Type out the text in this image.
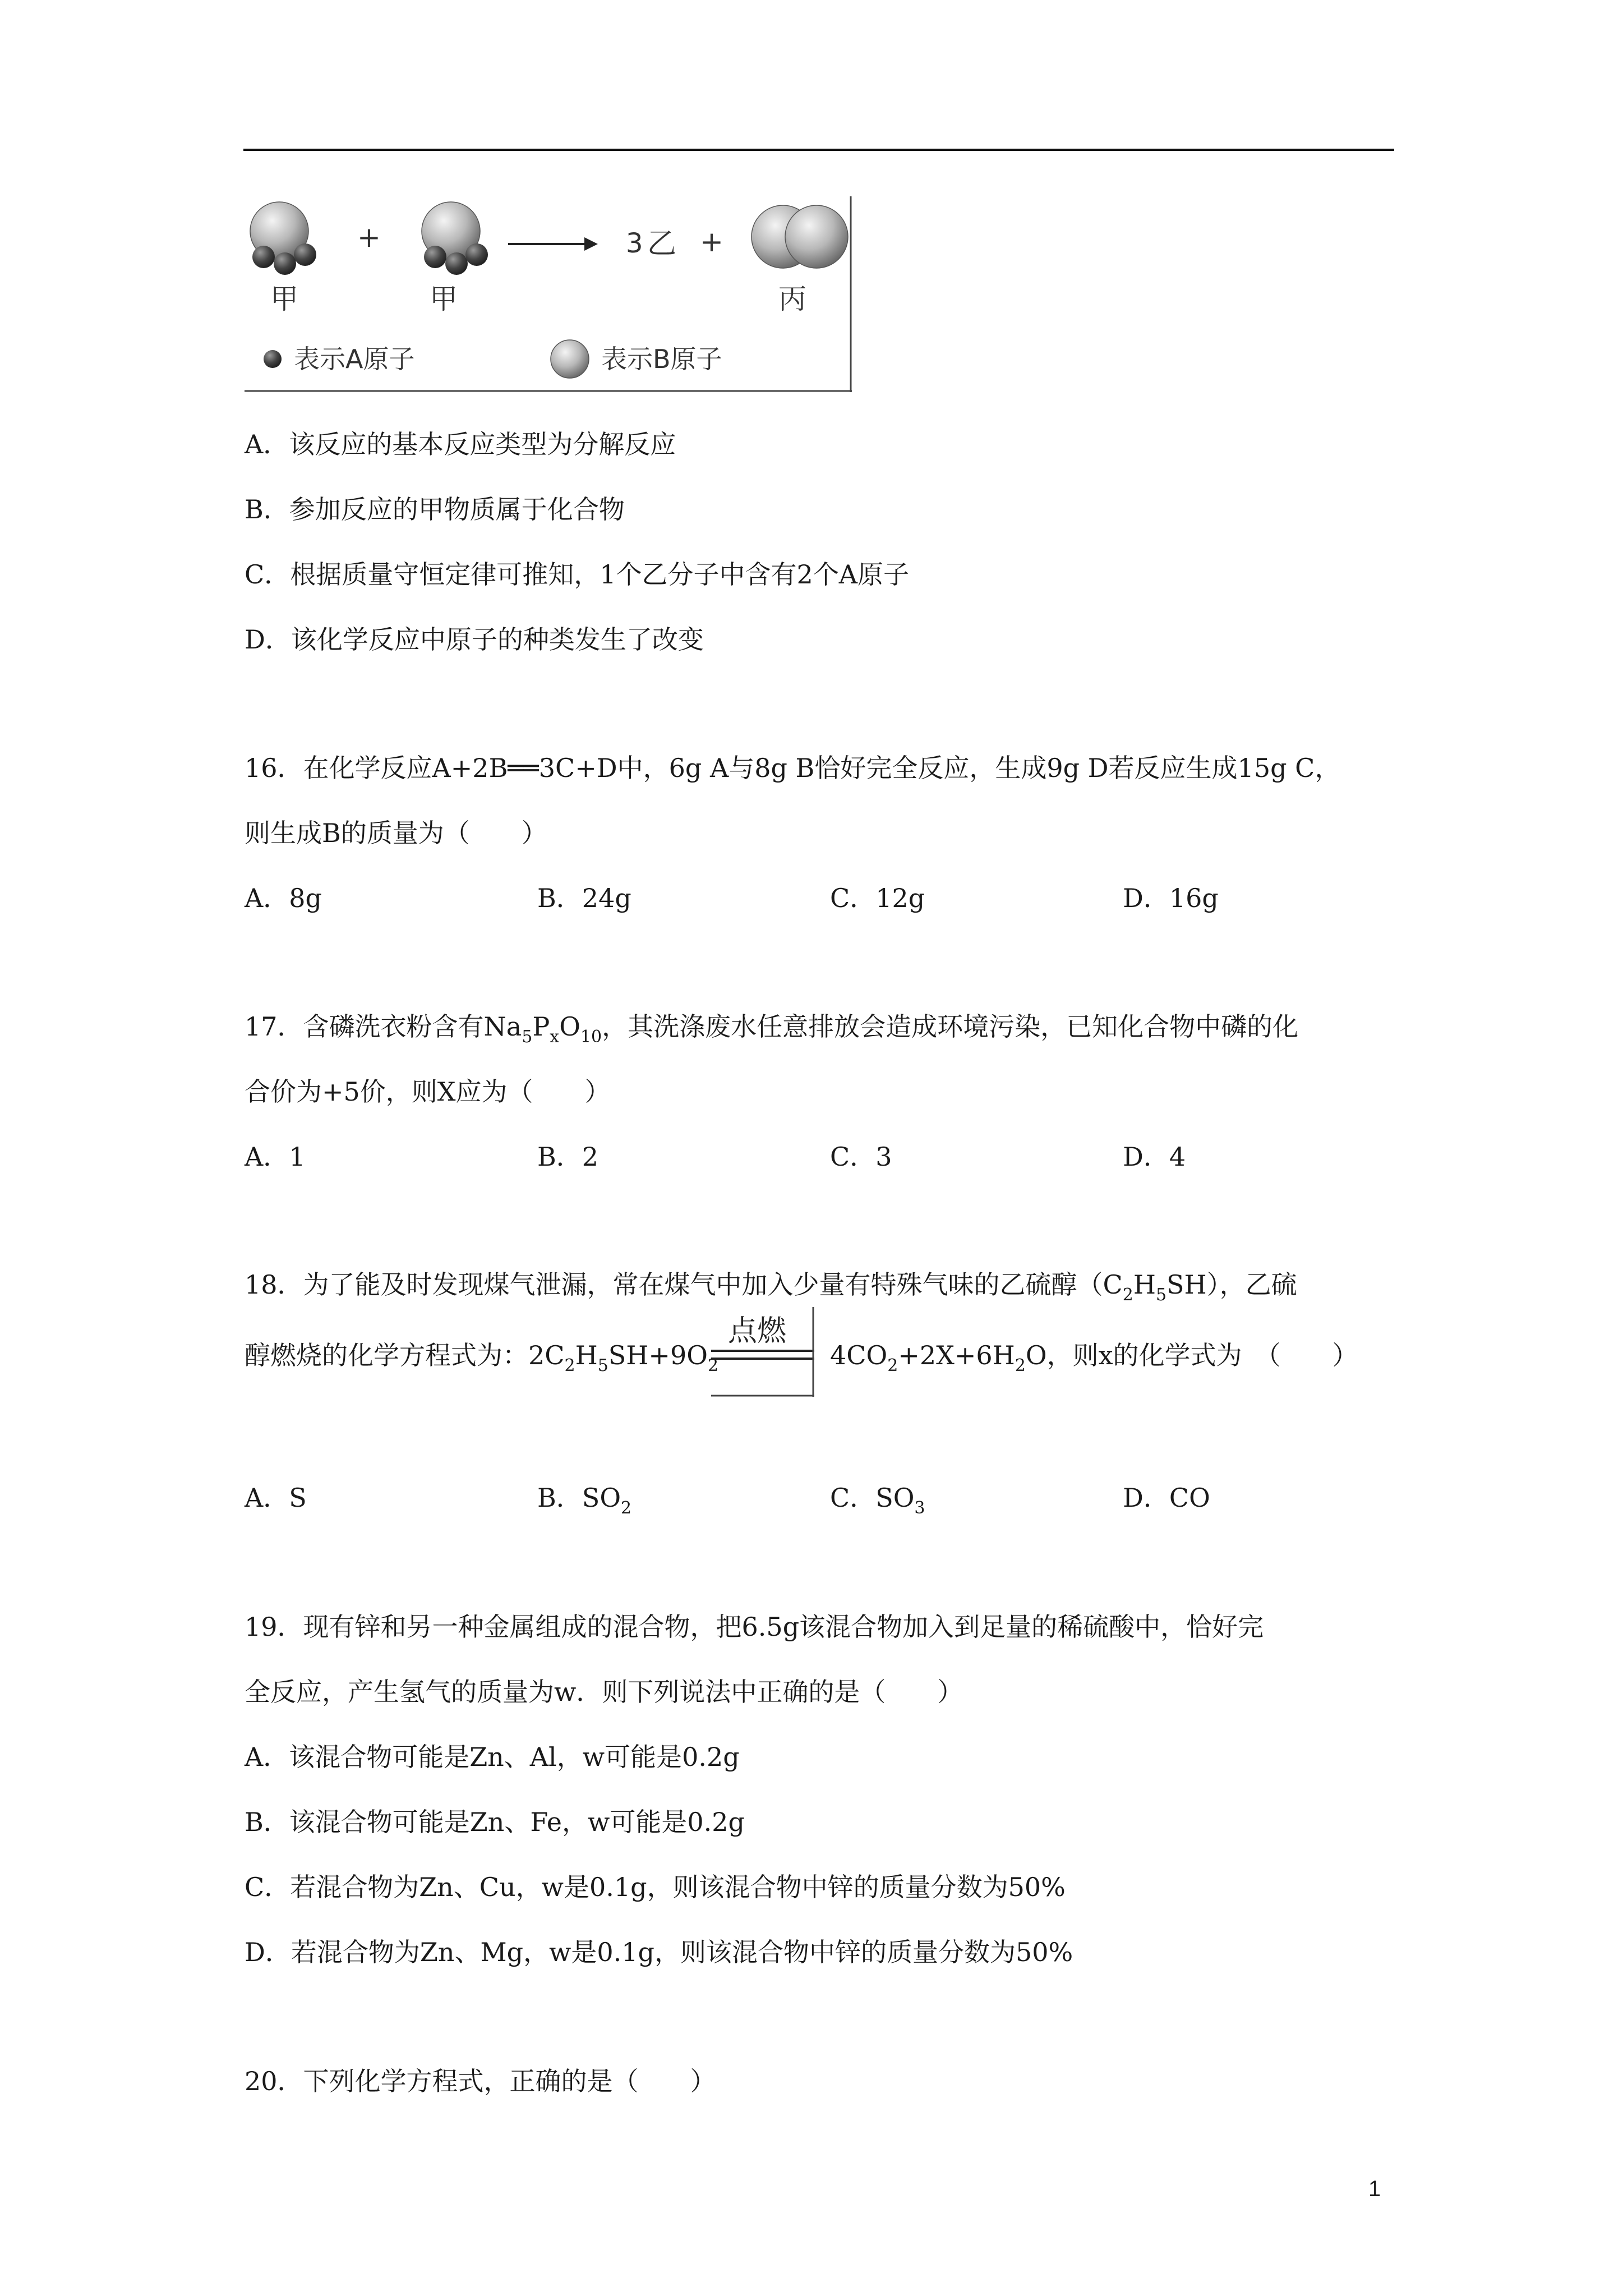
+	3 乙 +
甲	甲	丙
表示A原子	表示B原子
A．该反应的基本反应类型为分解反应
B．参加反应的甲物质属于化合物
C．根据质量守恒定律可推知，1个乙分子中含有2个A原子
D．该化学反应中原子的种类发生了改变
16．在化学反应A+2B══3C+D中，6g A与8g B恰好完全反应，生成9g D若反应生成15g C，
则生成B的质量为（　　）
A．8g	B．24g	C．12g	D．16g
17．含磷洗衣粉含有$Na_5P_xO_{10}$，其洗涤废水任意排放会造成环境污染，已知化合物中磷的化
合价为+5价，则X应为（　　）
A．1	B．2	C．3	D．4
18．为了能及时发现煤气泄漏，常在煤气中加入少量有特殊气味的乙硫醇$(C_2H_5SH)$，乙硫
醇燃烧的化学方程式为：$2C_2H_5SH+9O_2$
点燃
$4CO_2+2X+6H_2O$，则x的化学式为　（　　）
A．S	B．$SO_2$	C．$SO_3$	D．CO
19．现有锌和另一种金属组成的混合物，把6.5g该混合物加入到足量的稀硫酸中，恰好完
全反应，产生氢气的质量为w．则下列说法中正确的是（　　）
A．该混合物可能是Zn、Al，w可能是0.2g
B．该混合物可能是Zn、Fe，w可能是0.2g
C．若混合物为Zn、Cu，w是0.1g，则该混合物中锌的质量分数为50%
D．若混合物为Zn、Mg，w是0.1g，则该混合物中锌的质量分数为50%
20．下列化学方程式，正确的是（　　）
1
